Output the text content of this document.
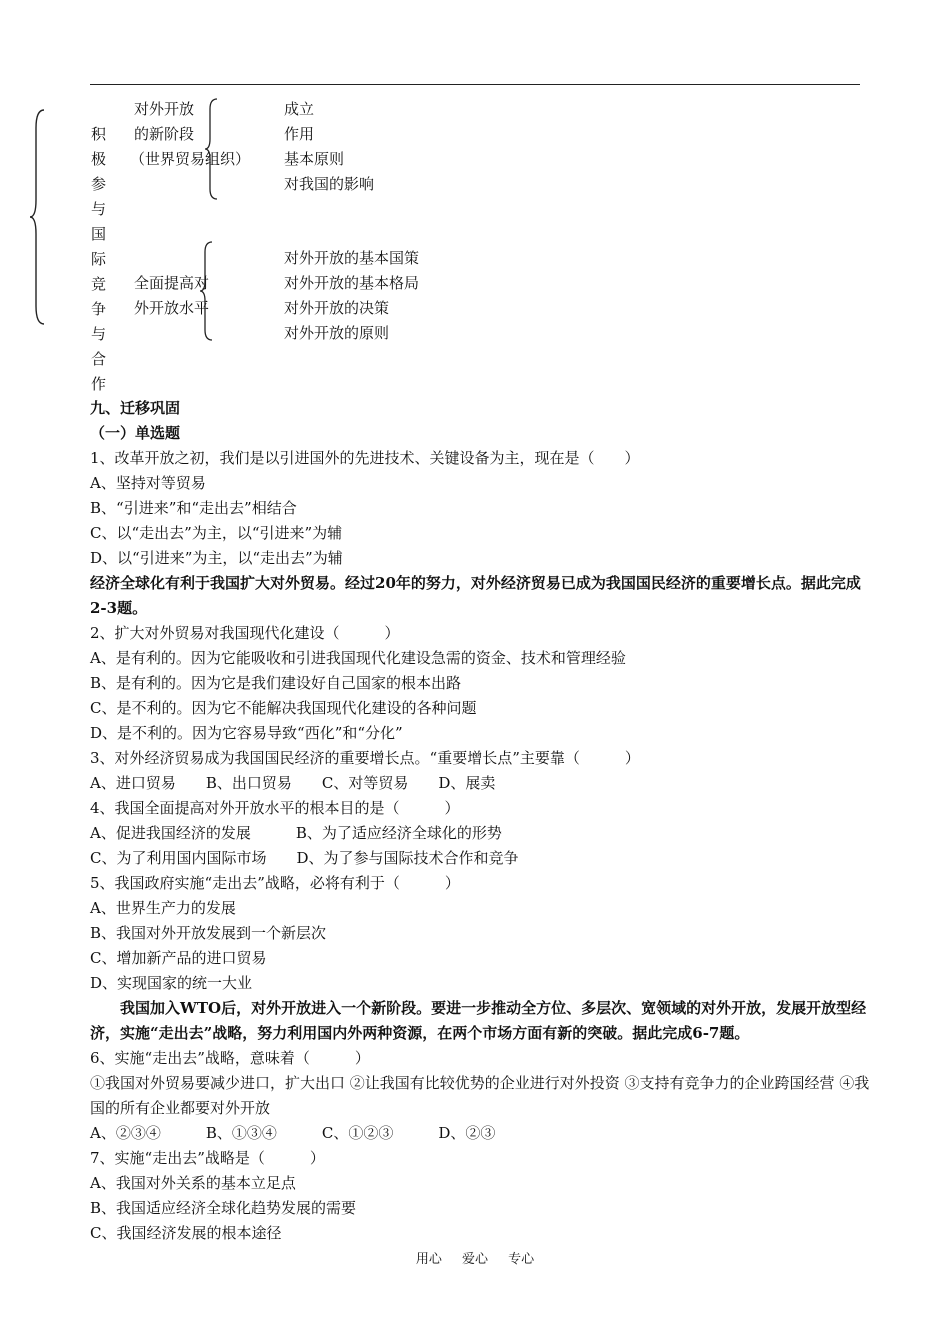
积
极
参
与
国
际
竞
争
与
合
作
对外开放
的新阶段
（世界贸易组织）
成立
作用
基本原则
对我国的影响
全面提高对
外开放水平
对外开放的基本国策
对外开放的基本格局
对外开放的决策
对外开放的原则
九、迁移巩固
（一）单选题
1、改革开放之初，我们是以引进国外的先进技术、关键设备为主，现在是（　　）
A、坚持对等贸易
B、“引进来”和“走出去”相结合
C、以“走出去”为主，以“引进来”为辅
D、以“引进来”为主，以“走出去”为辅
经济全球化有利于我国扩大对外贸易。经过20年的努力，对外经济贸易已成为我国国民经济的重要增长点。据此完成2-3题。
2、扩大对外贸易对我国现代化建设（　　　）
A、是有利的。因为它能吸收和引进我国现代化建设急需的资金、技术和管理经验
B、是有利的。因为它是我们建设好自己国家的根本出路
C、是不利的。因为它不能解决我国现代化建设的各种问题
D、是不利的。因为它容易导致“西化”和“分化”
3、对外经济贸易成为我国国民经济的重要增长点。“重要增长点”主要靠（　　　）
A、进口贸易　　B、出口贸易　　C、对等贸易　　D、展卖
4、我国全面提高对外开放水平的根本目的是（　　　）
A、促进我国经济的发展　　　B、为了适应经济全球化的形势
C、为了利用国内国际市场　　D、为了参与国际技术合作和竞争
5、我国政府实施“走出去”战略，必将有利于（　　　）
A、世界生产力的发展
B、我国对外开放发展到一个新层次
C、增加新产品的进口贸易
D、实现国家的统一大业
　　我国加入WTO后，对外开放进入一个新阶段。要进一步推动全方位、多层次、宽领域的对外开放，发展开放型经济，实施“走出去”战略，努力利用国内外两种资源，在两个市场方面有新的突破。据此完成6-7题。
6、实施“走出去”战略，意味着（　　　）
①我国对外贸易要减少进口，扩大出口 ②让我国有比较优势的企业进行对外投资 ③支持有竞争力的企业跨国经营 ④我国的所有企业都要对外开放
A、②③④　　　B、①③④　　　C、①②③　　　D、②③
7、实施“走出去”战略是（　　　）
A、我国对外关系的基本立足点
B、我国适应经济全球化趋势发展的需要
C、我国经济发展的根本途径
用心 爱心 专心
